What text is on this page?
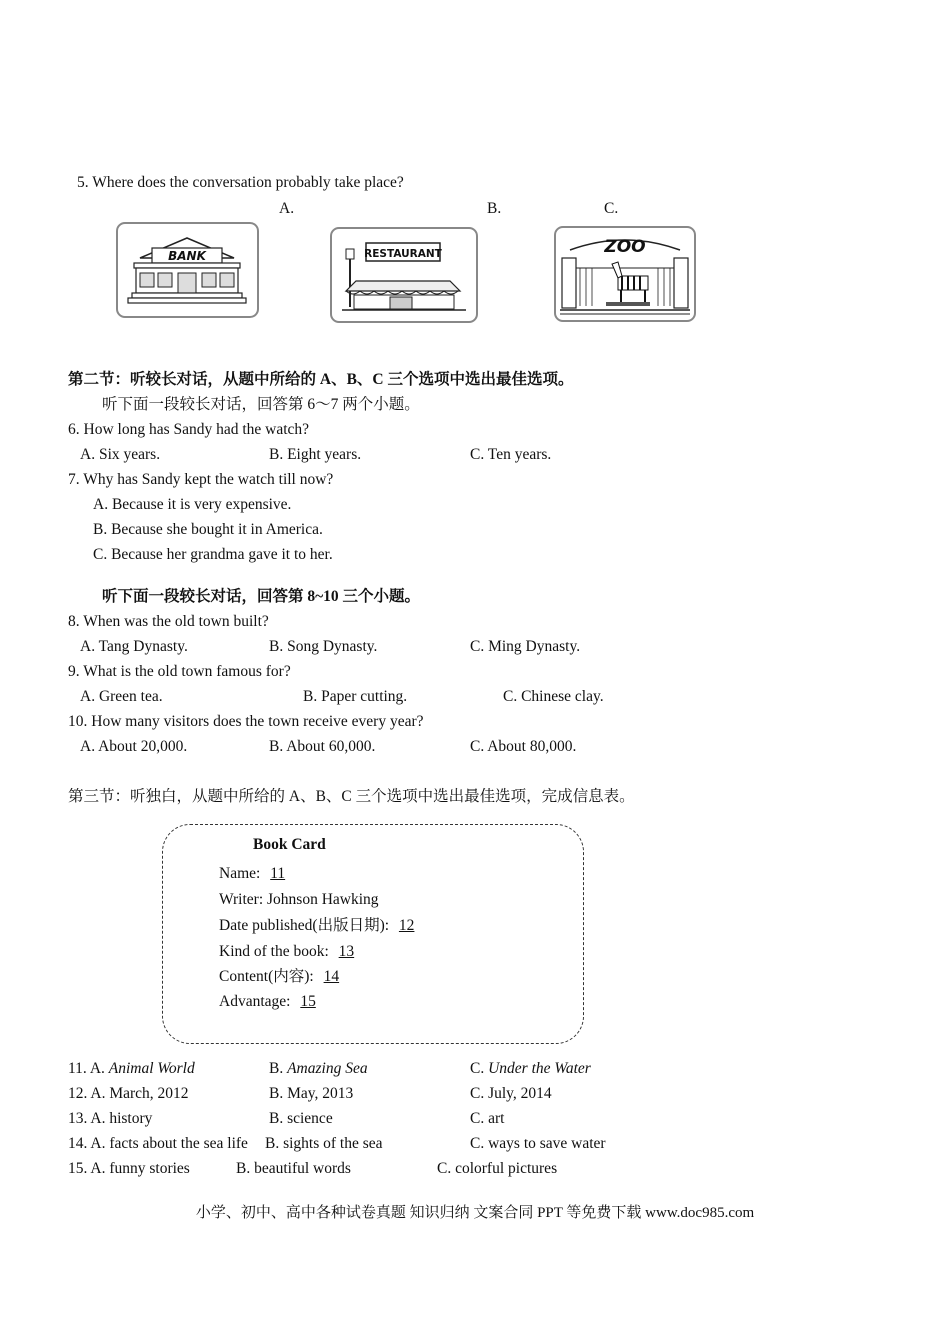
5. Where does the conversation probably take place?
A.	B.	C.
BANK	RESTAURANT	ZOO
第二节：听较长对话，从题中所给的 A、B、C 三个选项中选出最佳选项。
听下面一段较长对话，回答第 6～7 两个小题。
6. How long has Sandy had the watch?
A. Six years.	B. Eight years.	C. Ten years.
7. Why has Sandy kept the watch till now?
A. Because it is very expensive.
B. Because she bought it in America.
C. Because her grandma gave it to her.
听下面一段较长对话，回答第 8~10 三个小题。
8. When was the old town built?
A. Tang Dynasty.	B. Song Dynasty.	C. Ming Dynasty.
9. What is the old town famous for?
A. Green tea.	B. Paper cutting.	C. Chinese clay.
10. How many visitors does the town receive every year?
A. About 20,000.	B. About 60,000.	C. About 80,000.
第三节：听独白，从题中所给的 A、B、C 三个选项中选出最佳选项，完成信息表。
Book Card
Name: 11
Writer: Johnson Hawking
Date published(出版日期): 12
Kind of the book: 13
Content(内容): 14
Advantage: 15
11. A. Animal World	B. Amazing Sea	C. Under the Water
12. A. March, 2012	B. May, 2013	C. July, 2014
13. A. history	B. science	C. art
14. A. facts about the sea life B. sights of the sea	C. ways to save water
15. A. funny stories	B. beautiful words	C. colorful pictures
小学、初中、高中各种试卷真题 知识归纳 文案合同 PPT 等免费下载 www.doc985.com
